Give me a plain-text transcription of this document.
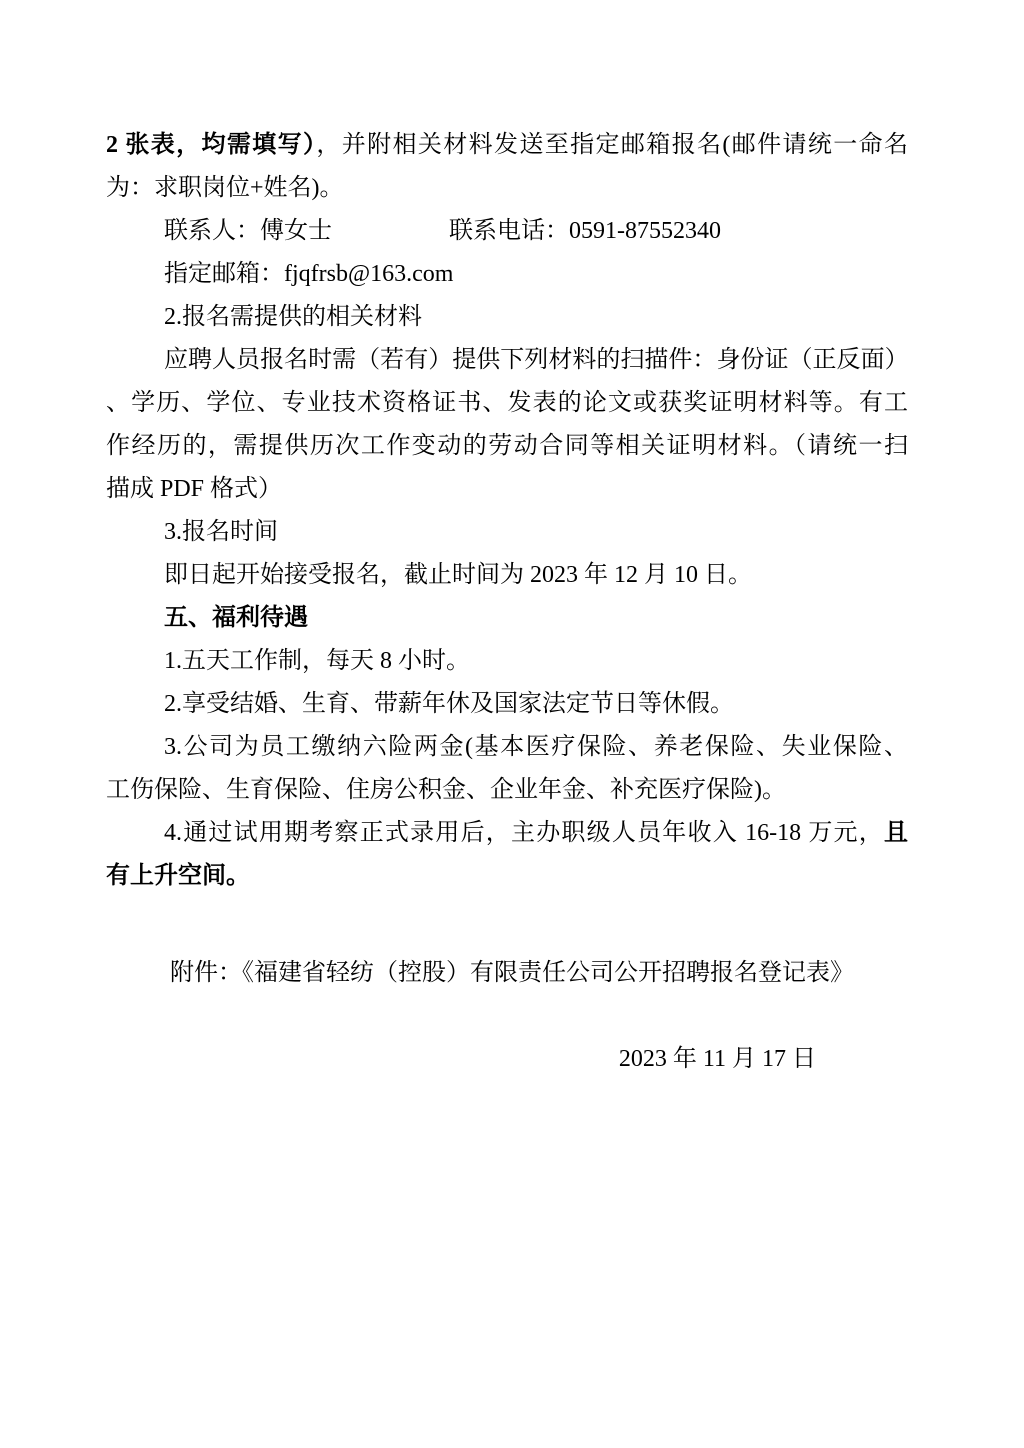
2 张表，均需填写），并附相关材料发送至指定邮箱报名(邮件请统一命名
为：求职岗位+姓名)。
联系人：傅女士	联系电话：0591-87552340
指定邮箱：fjqfrsb@163.com
2.报名需提供的相关材料
应聘人员报名时需（若有）提供下列材料的扫描件：身份证（正反面）
、学历、学位、专业技术资格证书、发表的论文或获奖证明材料等。有工
作经历的，需提供历次工作变动的劳动合同等相关证明材料。（请统一扫
描成 PDF 格式）
3.报名时间
即日起开始接受报名，截止时间为 2023 年 12 月 10 日。
五、福利待遇
1.五天工作制，每天 8 小时。
2.享受结婚、生育、带薪年休及国家法定节日等休假。
3.公司为员工缴纳六险两金(基本医疗保险、养老保险、失业保险、
工伤保险、生育保险、住房公积金、企业年金、补充医疗保险)。
4.通过试用期考察正式录用后，主办职级人员年收入 16-18 万元，且
有上升空间。
附件：《福建省轻纺（控股）有限责任公司公开招聘报名登记表》
2023 年 11 月 17 日
